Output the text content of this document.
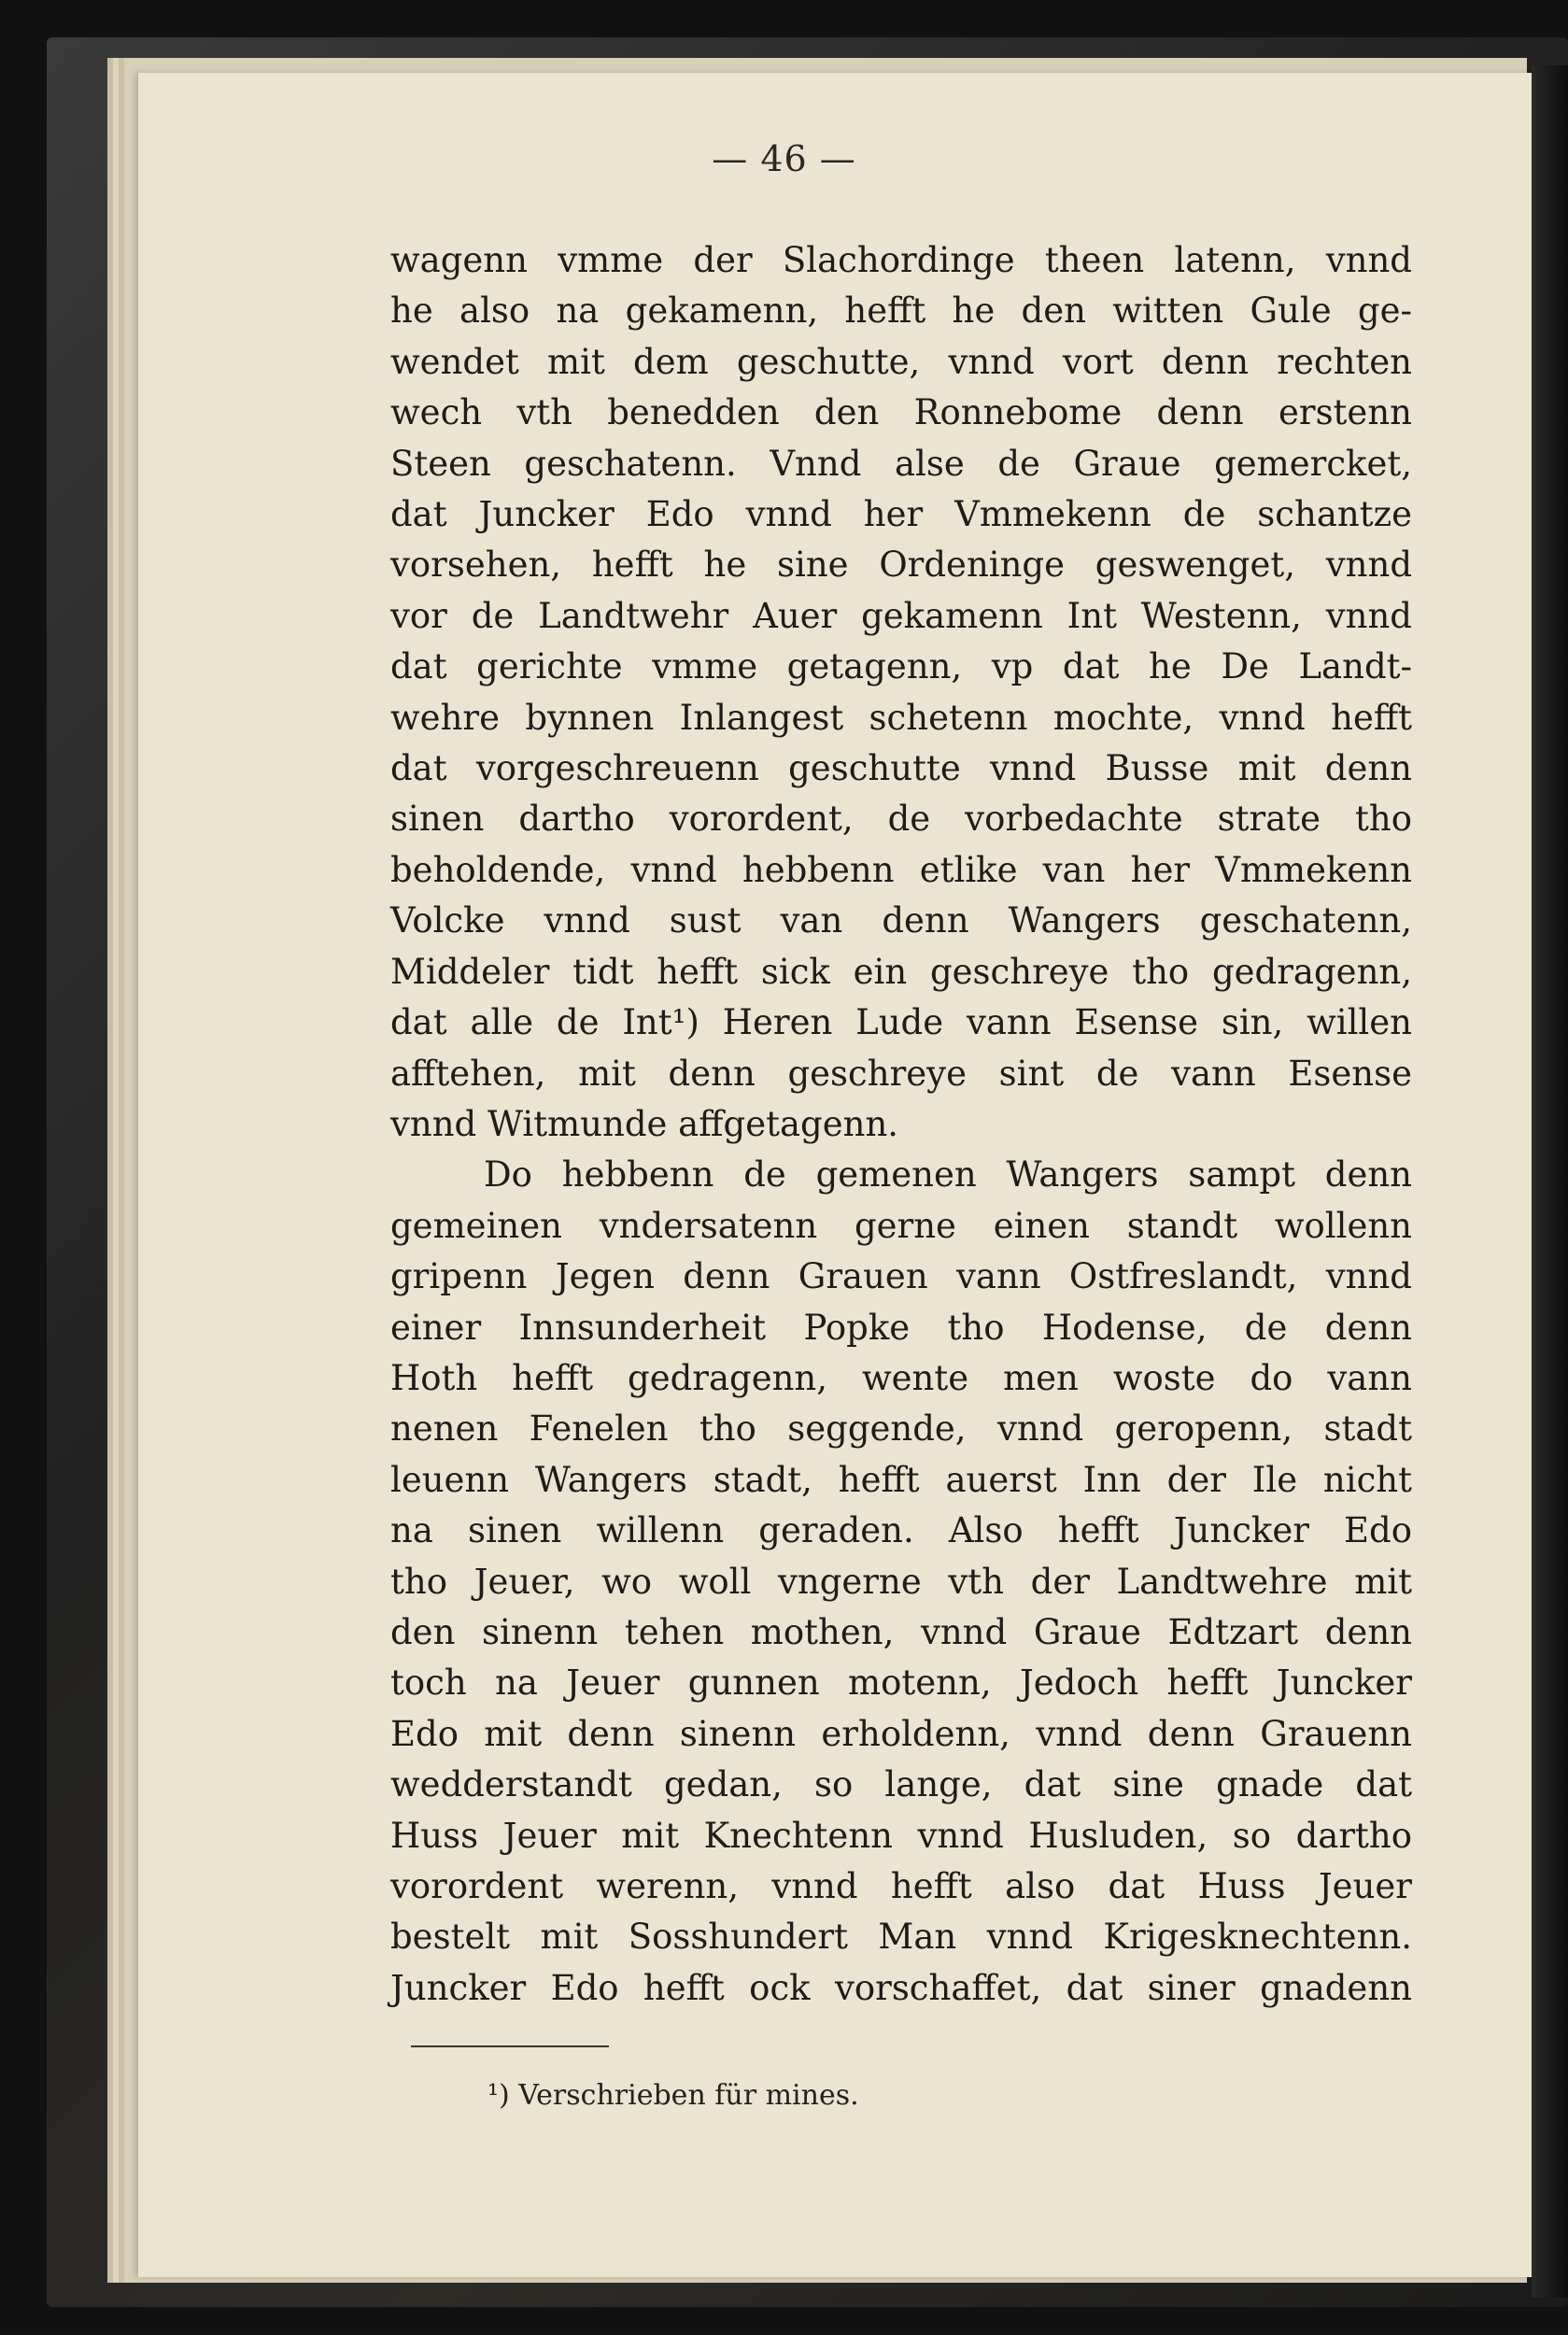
— 46 —
wagenn vmme der Slachordinge theen latenn, vnnd
he also na gekamenn, hefft he den witten Gule ge-
wendet mit dem geschutte, vnnd vort denn rechten
wech vth benedden den Ronnebome denn erstenn
Steen geschatenn. Vnnd alse de Graue gemercket,
dat Juncker Edo vnnd her Vmmekenn de schantze
vorsehen, hefft he sine Ordeninge geswenget, vnnd
vor de Landtwehr Auer gekamenn Int Westenn, vnnd
dat gerichte vmme getagenn, vp dat he De Landt-
wehre bynnen Inlangest schetenn mochte, vnnd hefft
dat vorgeschreuenn geschutte vnnd Busse mit denn
sinen dartho vorordent, de vorbedachte strate tho
beholdende, vnnd hebbenn etlike van her Vmmekenn
Volcke vnnd sust van denn Wangers geschatenn,
Middeler tidt hefft sick ein geschreye tho gedragenn,
dat alle de Int¹) Heren Lude vann Esense sin, willen
afftehen, mit denn geschreye sint de vann Esense
vnnd Witmunde affgetagenn.
Do hebbenn de gemenen Wangers sampt denn
gemeinen vndersatenn gerne einen standt wollenn
gripenn Jegen denn Grauen vann Ostfreslandt, vnnd
einer Innsunderheit Popke tho Hodense, de denn
Hoth hefft gedragenn, wente men woste do vann
nenen Fenelen tho seggende, vnnd geropenn, stadt
leuenn Wangers stadt, hefft auerst Inn der Ile nicht
na sinen willenn geraden. Also hefft Juncker Edo
tho Jeuer, wo woll vngerne vth der Landtwehre mit
den sinenn tehen mothen, vnnd Graue Edtzart denn
toch na Jeuer gunnen motenn, Jedoch hefft Juncker
Edo mit denn sinenn erholdenn, vnnd denn Grauenn
wedderstandt gedan, so lange, dat sine gnade dat
Huss Jeuer mit Knechtenn vnnd Husluden, so dartho
vorordent werenn, vnnd hefft also dat Huss Jeuer
bestelt mit Sosshundert Man vnnd Krigesknechtenn.
Juncker Edo hefft ock vorschaffet, dat siner gnadenn
¹) Verschrieben für mines.
